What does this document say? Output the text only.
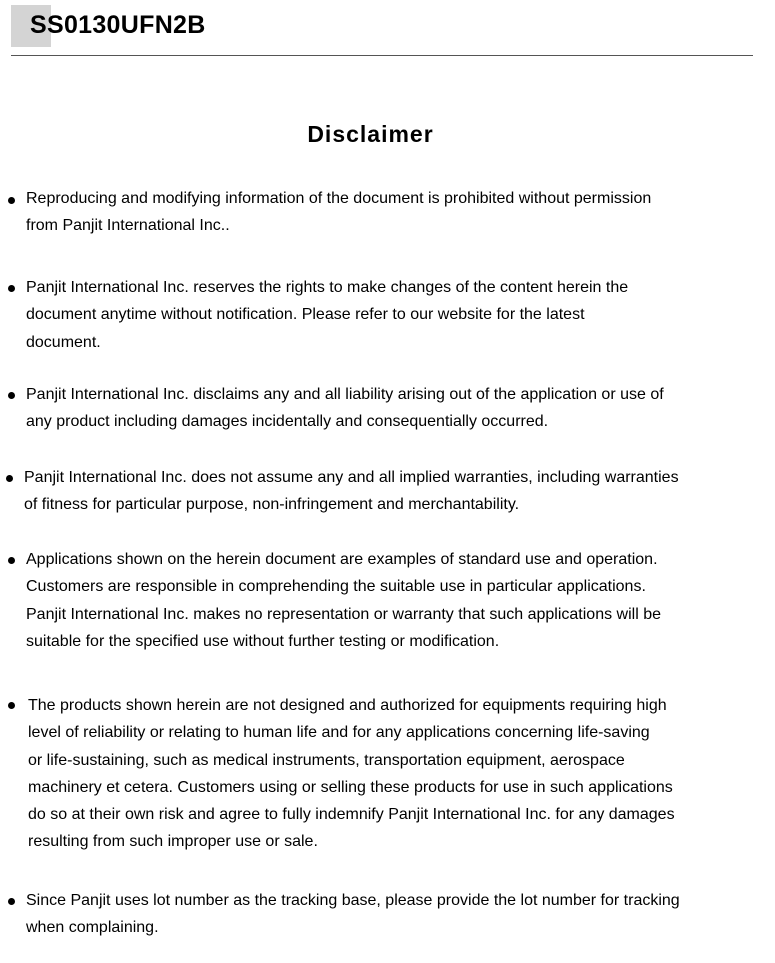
SS0130UFN2B
Disclaimer
Reproducing and modifying information of the document is prohibited without permission
from Panjit International Inc..
Panjit International Inc. reserves the rights to make changes of the content herein the
document anytime without notification. Please refer to our website for the latest
document.
Panjit International Inc. disclaims any and all liability arising out of the application or use of
any product including damages incidentally and consequentially occurred.
Panjit International Inc. does not assume any and all implied warranties, including warranties
of fitness for particular purpose, non-infringement and merchantability.
Applications shown on the herein document are examples of standard use and operation.
Customers are responsible in comprehending the suitable use in particular applications.
Panjit International Inc. makes no representation or warranty that such applications will be
suitable for the specified use without further testing or modification.
The products shown herein are not designed and authorized for equipments requiring high
level of reliability or relating to human life and for any applications concerning life-saving
or life-sustaining, such as medical instruments, transportation equipment, aerospace
machinery et cetera. Customers using or selling these products for use in such applications
do so at their own risk and agree to fully indemnify Panjit International Inc. for any damages
resulting from such improper use or sale.
Since Panjit uses lot number as the tracking base, please provide the lot number for tracking
when complaining.
